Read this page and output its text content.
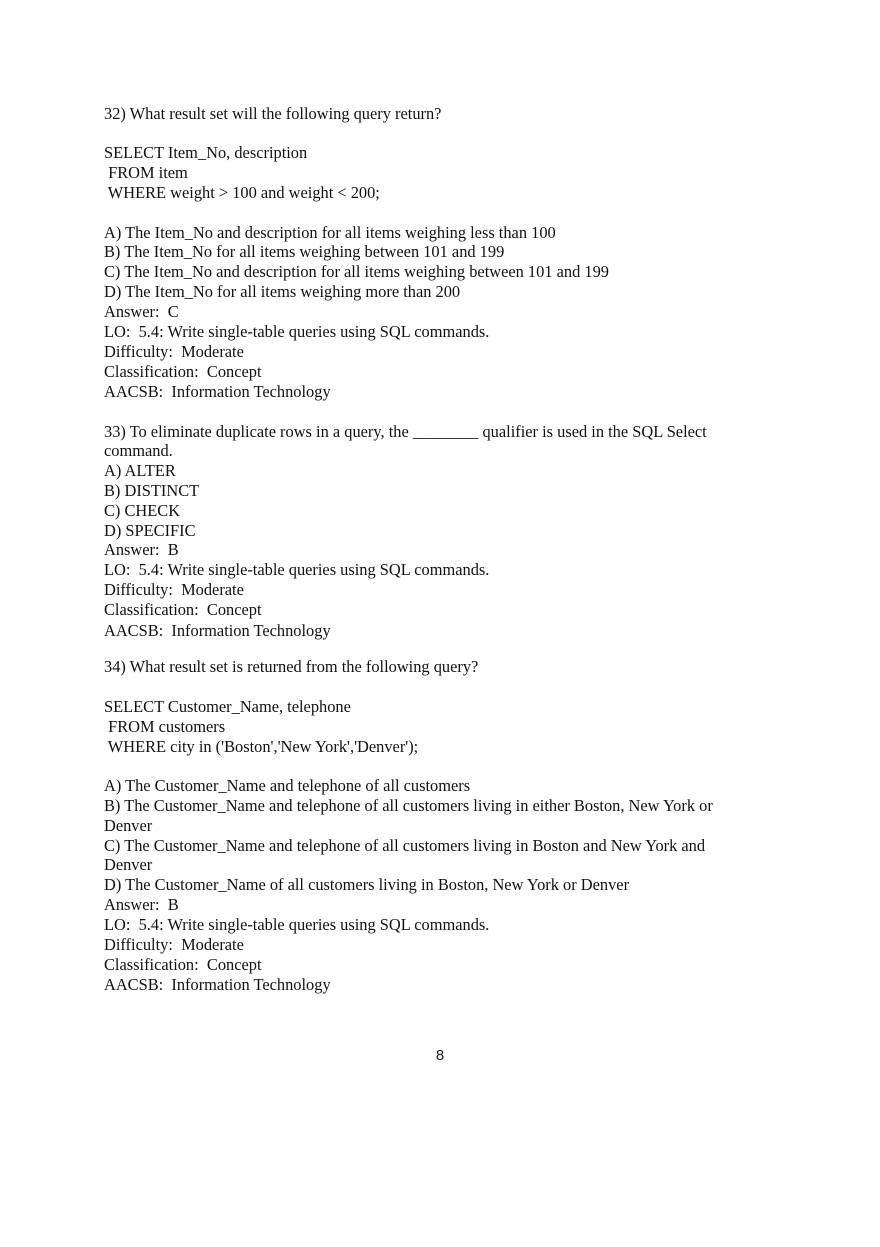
32) What result set will the following query return?
SELECT Item_No, description
FROM item
WHERE weight > 100 and weight < 200;
A) The Item_No and description for all items weighing less than 100
B) The Item_No for all items weighing between 101 and 199
C) The Item_No and description for all items weighing between 101 and 199
D) The Item_No for all items weighing more than 200
Answer:  C
LO:  5.4: Write single-table queries using SQL commands.
Difficulty:  Moderate
Classification:  Concept
AACSB:  Information Technology
33) To eliminate duplicate rows in a query, the ________ qualifier is used in the SQL Select
command.
A) ALTER
B) DISTINCT
C) CHECK
D) SPECIFIC
Answer:  B
LO:  5.4: Write single-table queries using SQL commands.
Difficulty:  Moderate
Classification:  Concept
AACSB:  Information Technology
34) What result set is returned from the following query?
SELECT Customer_Name, telephone
FROM customers
WHERE city in ('Boston','New York','Denver');
A) The Customer_Name and telephone of all customers
B) The Customer_Name and telephone of all customers living in either Boston, New York or
Denver
C) The Customer_Name and telephone of all customers living in Boston and New York and
Denver
D) The Customer_Name of all customers living in Boston, New York or Denver
Answer:  B
LO:  5.4: Write single-table queries using SQL commands.
Difficulty:  Moderate
Classification:  Concept
AACSB:  Information Technology
8
